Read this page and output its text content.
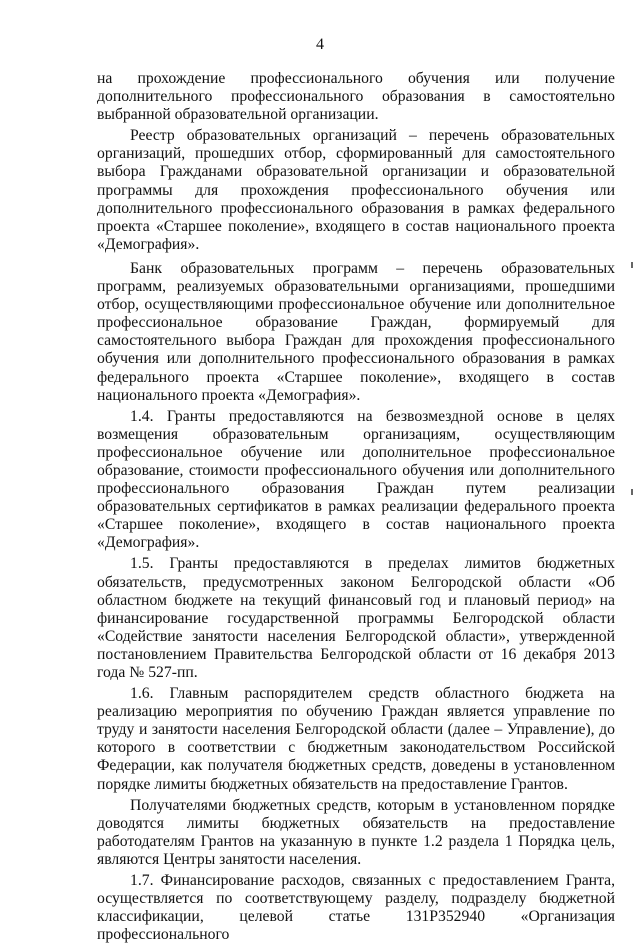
4

на прохождение профессионального обучения или получение дополнительного профессионального образования в самостоятельно выбранной образовательной организации.

Реестр образовательных организаций – перечень образовательных организаций, прошедших отбор, сформированный для самостоятельного выбора Гражданами образовательной организации и образовательной программы для прохождения профессионального обучения или дополнительного профессионального образования в рамках федерального проекта «Старшее поколение», входящего в состав национального проекта «Демография».

Банк образовательных программ – перечень образовательных программ, реализуемых образовательными организациями, прошедшими отбор, осуществляющими профессиональное обучение или дополнительное профессиональное образование Граждан, формируемый для самостоятельного выбора Граждан для прохождения профессионального обучения или дополнительного профессионального образования в рамках федерального проекта «Старшее поколение», входящего в состав национального проекта «Демография».

1.4. Гранты предоставляются на безвозмездной основе в целях возмещения образовательным организациям, осуществляющим профессиональное обучение или дополнительное профессиональное образование, стоимости профессионального обучения или дополнительного профессионального образования Граждан путем реализации образовательных сертификатов в рамках реализации федерального проекта «Старшее поколение», входящего в состав национального проекта «Демография».

1.5. Гранты предоставляются в пределах лимитов бюджетных обязательств, предусмотренных законом Белгородской области «Об областном бюджете на текущий финансовый год и плановый период» на финансирование государственной программы Белгородской области «Содействие занятости населения Белгородской области», утвержденной постановлением Правительства Белгородской области от 16 декабря 2013 года № 527-пп.

1.6. Главным распорядителем средств областного бюджета на реализацию мероприятия по обучению Граждан является управление по труду и занятости населения Белгородской области (далее – Управление), до которого в соответствии с бюджетным законодательством Российской Федерации, как получателя бюджетных средств, доведены в установленном порядке лимиты бюджетных обязательств на предоставление Грантов.

Получателями бюджетных средств, которым в установленном порядке доводятся лимиты бюджетных обязательств на предоставление работодателям Грантов на указанную в пункте 1.2 раздела 1 Порядка цель, являются Центры занятости населения.

1.7. Финансирование расходов, связанных с предоставлением Гранта, осуществляется по соответствующему разделу, подразделу бюджетной классификации, целевой статье 131Р352940 «Организация профессионального
